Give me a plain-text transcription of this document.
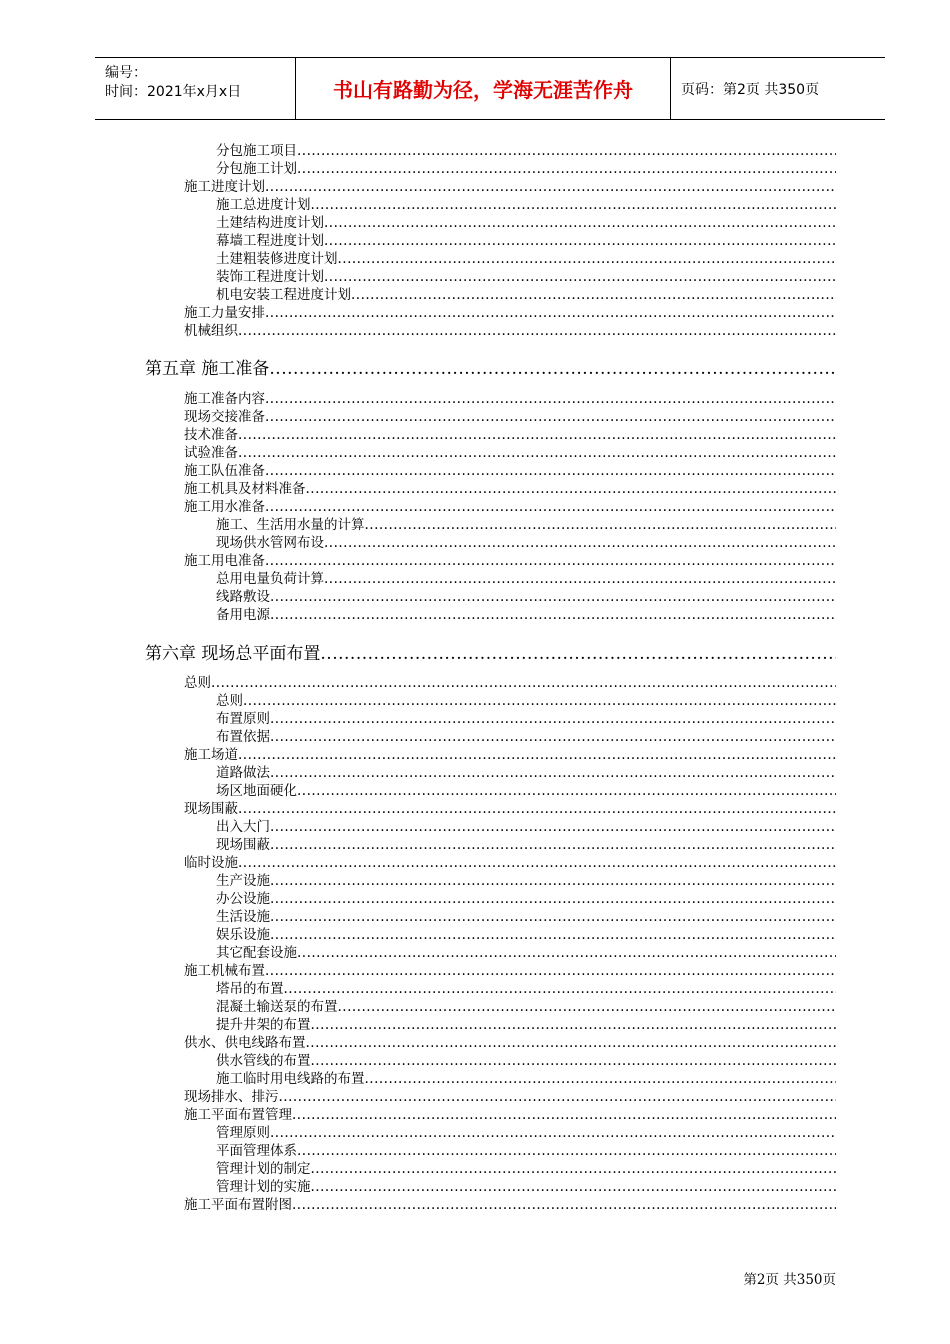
编号：
时间：2021年x月x日	书山有路勤为径，学海无涯苦作舟	页码：第2页 共350页
分包施工项目
.....
分包施工计划
.....
施工进度计划
.....
施工总进度计划
.....
土建结构进度计划
.....
幕墙工程进度计划
.....
土建粗装修进度计划
.....
装饰工程进度计划
.....
机电安装工程进度计划
.....
施工力量安排
.....
机械组织
.....
第五章 施工准备
.....
施工准备内容
.....
现场交接准备
.....
技术准备
.....
试验准备
.....
施工队伍准备
.....
施工机具及材料准备
.....
施工用水准备
.....
施工、生活用水量的计算
.....
现场供水管网布设
.....
施工用电准备
.....
总用电量负荷计算
.....
线路敷设
.....
备用电源
.....
第六章 现场总平面布置
.....
总则
.....
总则
.....
布置原则
.....
布置依据
.....
施工场道
.....
道路做法
.....
场区地面硬化
.....
现场围蔽
.....
出入大门
.....
现场围蔽
.....
临时设施
.....
生产设施
.....
办公设施
.....
生活设施
.....
娱乐设施
.....
其它配套设施
.....
施工机械布置
.....
塔吊的布置
.....
混凝土输送泵的布置
.....
提升井架的布置
.....
供水、供电线路布置
.....
供水管线的布置
.....
施工临时用电线路的布置
.....
现场排水、排污
.....
施工平面布置管理
.....
管理原则
.....
平面管理体系
.....
管理计划的制定
.....
管理计划的实施
.....
施工平面布置附图
.....
第2页 共350页
